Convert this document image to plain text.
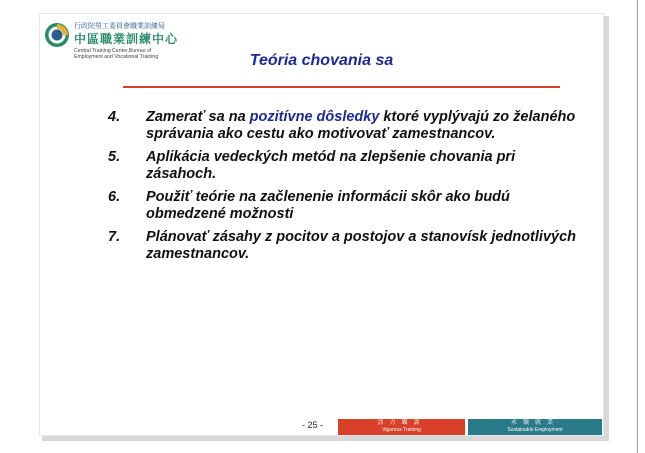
行政院勞工委員會職業訓練局
中區職業訓練中心
Central Training Center,Bureau of
Employment and Vocational Training	Teória chovania sa
4.	Zamerať sa na pozitívne dôsledky ktoré vyplývajú zo želaného správania ako cestu ako motivovať zamestnancov.
5.	Aplikácia vedeckých metód na zlepšenie chovania pri zásahoch.
6.	Použiť teórie na začlenenie informácii skôr ako budú obmedzené možnosti
7.	Plánovať zásahy z pocitov a postojov a stanovísk jednotlivých zamestnancov.
- 25 -	活力職訓
Vigorous Training
永續就業
Sustainable Employment
